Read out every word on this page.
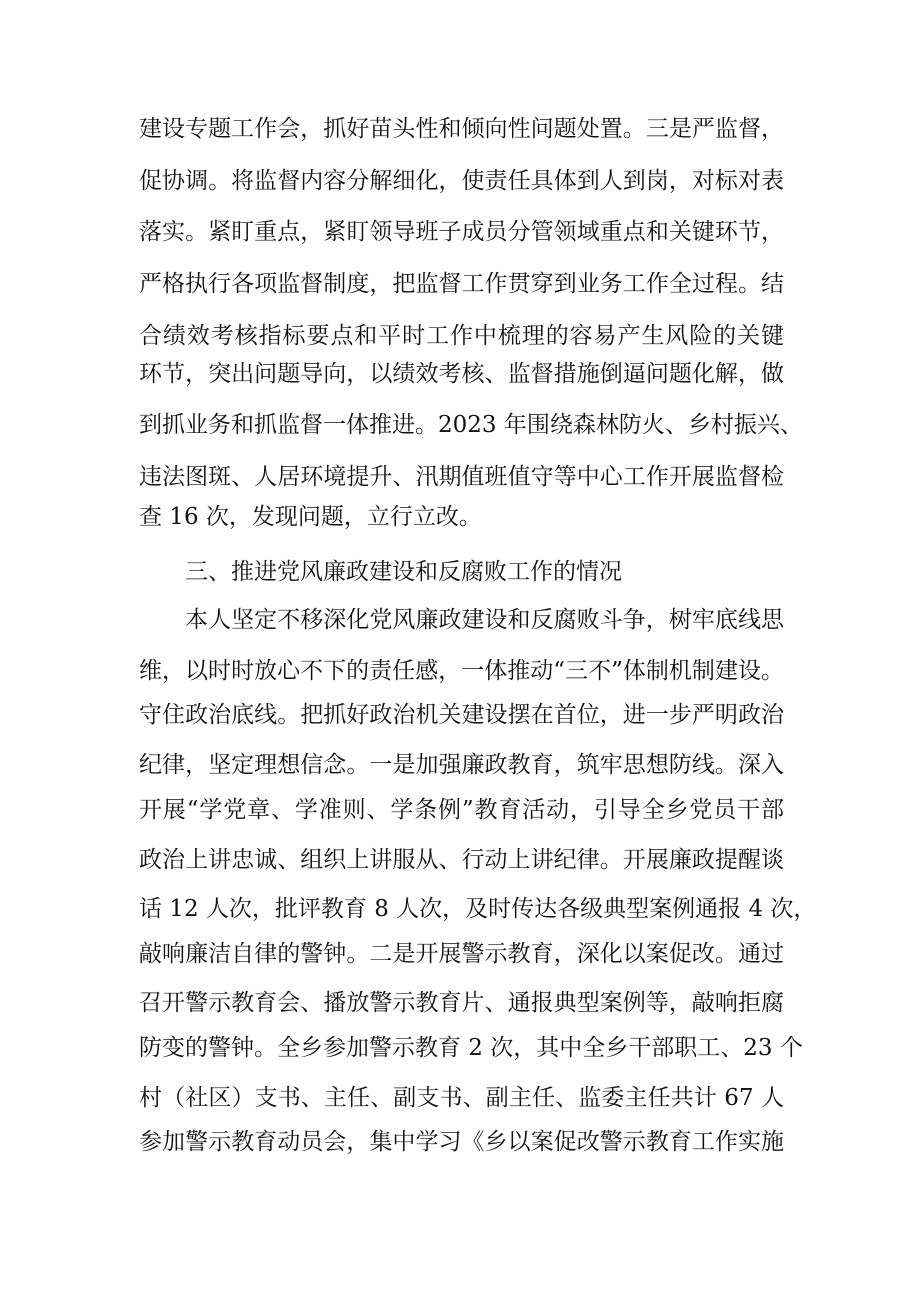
建设专题工作会，抓好苗头性和倾向性问题处置。三是严监督，
促协调。将监督内容分解细化，使责任具体到人到岗，对标对表
落实。紧盯重点，紧盯领导班子成员分管领域重点和关键环节，
严格执行各项监督制度，把监督工作贯穿到业务工作全过程。结
合绩效考核指标要点和平时工作中梳理的容易产生风险的关键
环节，突出问题导向，以绩效考核、监督措施倒逼问题化解，做
到抓业务和抓监督一体推进。2023 年围绕森林防火、乡村振兴、
违法图斑、人居环境提升、汛期值班值守等中心工作开展监督检
查 16 次，发现问题，立行立改。
三、推进党风廉政建设和反腐败工作的情况
本人坚定不移深化党风廉政建设和反腐败斗争，树牢底线思
维，以时时放心不下的责任感，一体推动“三不”体制机制建设。
守住政治底线。把抓好政治机关建设摆在首位，进一步严明政治
纪律，坚定理想信念。一是加强廉政教育，筑牢思想防线。深入
开展“学党章、学准则、学条例”教育活动，引导全乡党员干部
政治上讲忠诚、组织上讲服从、行动上讲纪律。开展廉政提醒谈
话 12 人次，批评教育 8 人次，及时传达各级典型案例通报 4 次，
敲响廉洁自律的警钟。二是开展警示教育，深化以案促改。通过
召开警示教育会、播放警示教育片、通报典型案例等，敲响拒腐
防变的警钟。全乡参加警示教育 2 次，其中全乡干部职工、23 个
村（社区）支书、主任、副支书、副主任、监委主任共计 67 人
参加警示教育动员会，集中学习《乡以案促改警示教育工作实施
